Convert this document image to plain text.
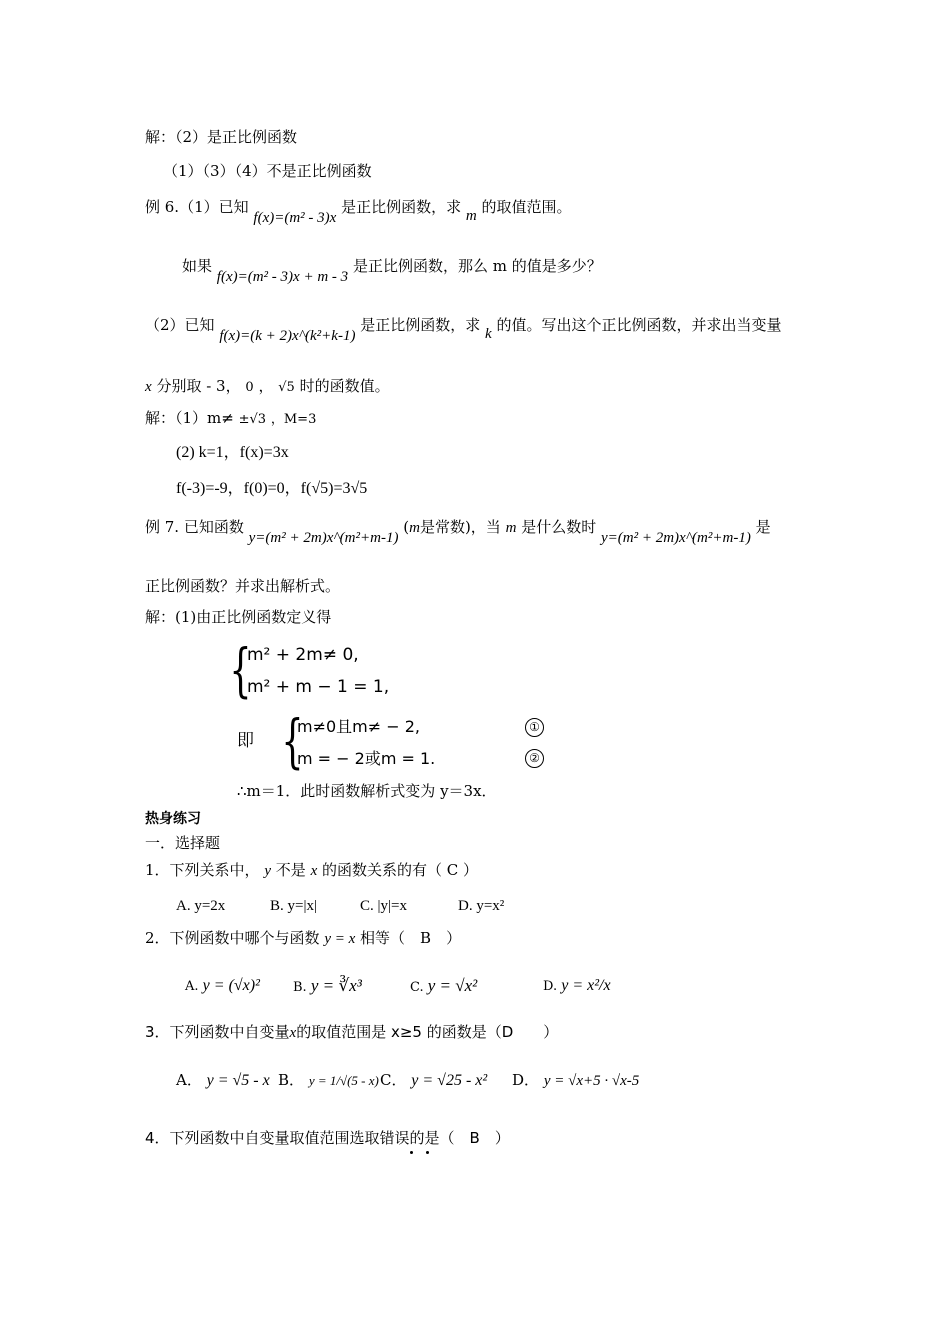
解：（2）是正比例函数
（1）（3）（4）不是正比例函数
例 6.（1）已知 f(x)=(m² - 3)x 是正比例函数，求 m 的取值范围。
如果 f(x)=(m² - 3)x + m - 3 是正比例函数，那么 m 的值是多少？
（2）已知 f(x)=(k + 2)x^(k²+k-1) 是正比例函数，求 k 的值。写出这个正比例函数，并求出当变量
x 分别取 - 3， 0 ， √5 时的函数值。
解：（1）m≠ ±√3 ，M=3
(2) k=1，f(x)=3x
f(-3)=-9，f(0)=0，f(√5)=3√5
例 7. 已知函数 y=(m² + 2m)x^(m²+m-1) (m是常数)，当 m 是什么数时 y=(m² + 2m)x^(m²+m-1) 是
正比例函数？并求出解析式。
解：(1)由正比例函数定义得
{
m² + 2m≠ 0,
m² + m − 1 = 1,
即 {
m≠0且m≠ − 2,
m = − 2或m = 1.
①
②
∴m＝1．此时函数解析式变为 y＝3x．
热身练习
一．选择题
1．下列关系中， y 不是 x 的函数关系的有（ C ）
A. y=2x	B. y=|x|	C. |y|=x	D. y=x²
2．下例函数中哪个与函数 y = x 相等（　B　）
A. y = (√x)²	B. y = ∛x³	C. y = √x²	D. y = x²/x
3．下列函数中自变量x的取值范围是 x≥5 的函数是（D　　）
A． y = √5 - x B． y = 1/√(5 - x) C． y = √25 - x² D． y = √x+5 · √x-5
4．下列函数中自变量取值范围选取错误的是（　B　）
